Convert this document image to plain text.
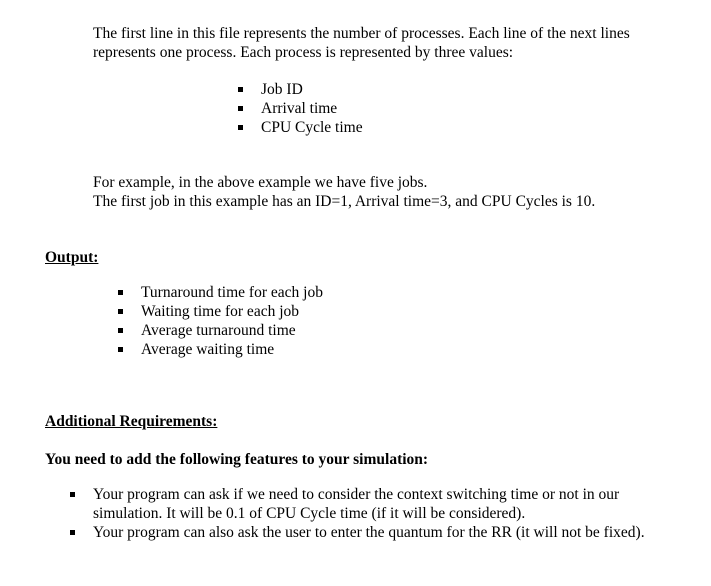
The first line in this file represents the number of processes. Each line of the next lines
represents one process. Each process is represented by three values:

Job ID
Arrival time
CPU Cycle time

For example, in the above example we have five jobs.
The first job in this example has an ID=1, Arrival time=3, and CPU Cycles is 10.

Output:
Turnaround time for each job
Waiting time for each job
Average turnaround time
Average waiting time
Additional Requirements:
You need to add the following features to your simulation:
Your program can ask if we need to consider the context switching time or not in our
simulation. It will be 0.1 of CPU Cycle time (if it will be considered).
Your program can also ask the user to enter the quantum for the RR (it will not be fixed).
